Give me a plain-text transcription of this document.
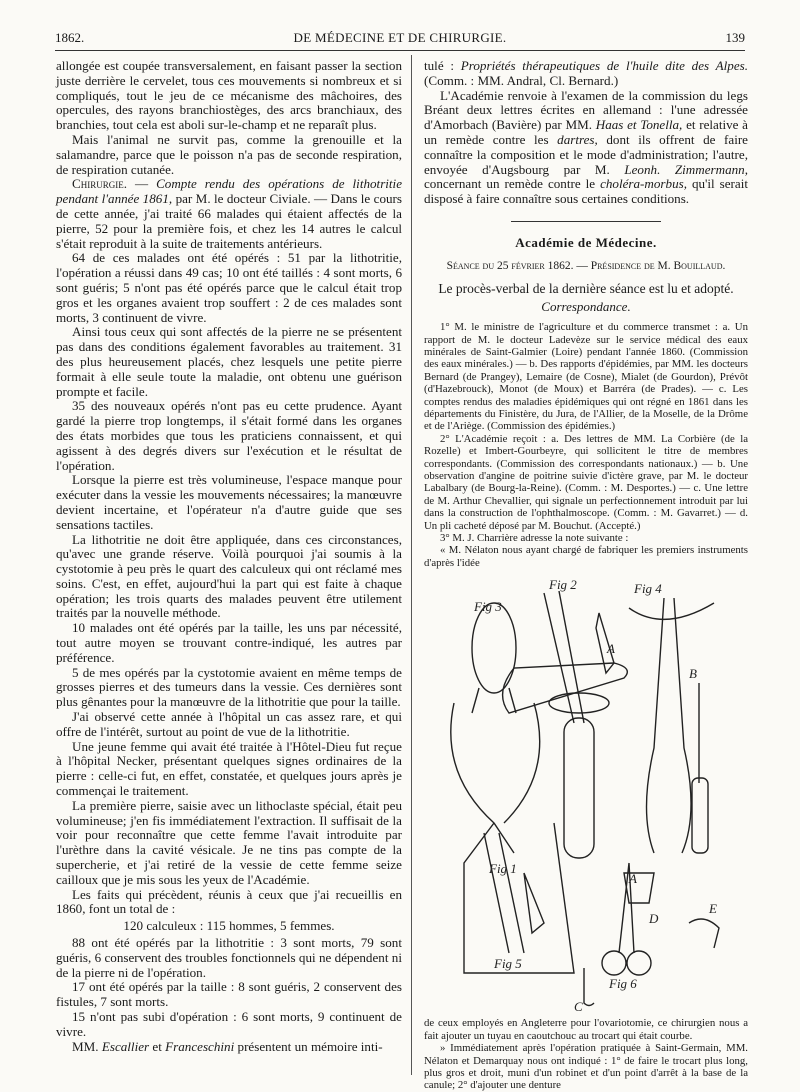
1862.	DE MÉDECINE ET DE CHIRURGIE.	139

allongée est coupée transversalement, en faisant passer la section juste derrière le cervelet, tous ces mouvements si nombreux et si compliqués, tout le jeu de ce mécanisme des mâchoires, des opercules, des rayons branchiostèges, des arcs branchiaux, des branchies, tout cela est aboli sur-le-champ et ne reparaît plus.

Mais l'animal ne survit pas, comme la grenouille et la salamandre, parce que le poisson n'a pas de seconde respiration, de respiration cutanée.

Chirurgie. — Compte rendu des opérations de lithotritie pendant l'année 1861, par M. le docteur Civiale. — Dans le cours de cette année, j'ai traité 66 malades qui étaient affectés de la pierre, 52 pour la première fois, et chez les 14 autres le calcul s'était reproduit à la suite de traitements antérieurs.

64 de ces malades ont été opérés : 51 par la lithotritie, l'opération a réussi dans 49 cas; 10 ont été taillés : 4 sont morts, 6 sont guéris; 5 n'ont pas été opérés parce que le calcul était trop gros et les organes avaient trop souffert : 2 de ces malades sont morts, 3 continuent de vivre.

Ainsi tous ceux qui sont affectés de la pierre ne se présentent pas dans des conditions également favorables au traitement. 31 des plus heureusement placés, chez lesquels une petite pierre formait à elle seule toute la maladie, ont obtenu une guérison prompte et facile.

35 des nouveaux opérés n'ont pas eu cette prudence. Ayant gardé la pierre trop longtemps, il s'était formé dans les organes des états morbides que tous les praticiens connaissent, et qui agissent à des degrés divers sur l'exécution et le résultat de l'opération.

Lorsque la pierre est très volumineuse, l'espace manque pour exécuter dans la vessie les mouvements nécessaires; la manœuvre devient incertaine, et l'opérateur n'a d'autre guide que ses sensations tactiles.

La lithotritie ne doit être appliquée, dans ces circonstances, qu'avec une grande réserve. Voilà pourquoi j'ai soumis à la cystotomie à peu près le quart des calculeux qui ont réclamé mes soins. C'est, en effet, aujourd'hui la part qui est faite à chaque opération; les trois quarts des malades peuvent être utilement traités par la nouvelle méthode.

10 malades ont été opérés par la taille, les uns par nécessité, tout autre moyen se trouvant contre-indiqué, les autres par préférence.

5 de mes opérés par la cystotomie avaient en même temps de grosses pierres et des tumeurs dans la vessie. Ces dernières sont plus gênantes pour la manœuvre de la lithotritie que pour la taille.

J'ai observé cette année à l'hôpital un cas assez rare, et qui offre de l'intérêt, surtout au point de vue de la lithotritie.

Une jeune femme qui avait été traitée à l'Hôtel-Dieu fut reçue à l'hôpital Necker, présentant quelques signes ordinaires de la pierre : celle-ci fut, en effet, constatée, et quelques jours après je commençai le traitement.

La première pierre, saisie avec un lithoclaste spécial, était peu volumineuse; j'en fis immédiatement l'extraction. Il suffisait de la voir pour reconnaître que cette femme l'avait introduite par l'urèthre dans la cavité vésicale. Je ne tins pas compte de la supercherie, et j'ai retiré de la vessie de cette femme seize cailloux que je mis sous les yeux de l'Académie.

Les faits qui précèdent, réunis à ceux que j'ai recueillis en 1860, font un total de :

120 calculeux : 115 hommes, 5 femmes.

88 ont été opérés par la lithotritie : 3 sont morts, 79 sont guéris, 6 conservent des troubles fonctionnels qui ne dépendent ni de la pierre ni de l'opération.

17 ont été opérés par la taille : 8 sont guéris, 2 conservent des fistules, 7 sont morts.

15 n'ont pas subi d'opération : 6 sont morts, 9 continuent de vivre.

MM. Escallier et Franceschini présentent un mémoire inti-

tulé : Propriétés thérapeutiques de l'huile dite des Alpes. (Comm. : MM. Andral, Cl. Bernard.)

L'Académie renvoie à l'examen de la commission du legs Bréant deux lettres écrites en allemand : l'une adressée d'Amorbach (Bavière) par MM. Haas et Tonella, et relative à un remède contre les dartres, dont ils offrent de faire connaître la composition et le mode d'administration; l'autre, envoyée d'Augsbourg par M. Leonh. Zimmermann, concernant un remède contre le choléra-morbus, qu'il serait disposé à faire connaître sous certaines conditions.

Académie de Médecine.
Séance du 25 février 1862. — Présidence de M. Bouillaud.
Le procès-verbal de la dernière séance est lu et adopté.
Correspondance.

1° M. le ministre de l'agriculture et du commerce transmet : a. Un rapport de M. le docteur Ladevèze sur le service médical des eaux minérales de Saint-Galmier (Loire) pendant l'année 1860. (Commission des eaux minérales.) — b. Des rapports d'épidémies, par MM. les docteurs Bernard (de Prangey), Lemaire (de Cosne), Mialet (de Gourdon), Prévôt (d'Hazebrouck), Monot (de Moux) et Barréra (de Prades). — c. Les comptes rendus des maladies épidémiques qui ont régné en 1861 dans les départements du Finistère, du Jura, de l'Allier, de la Moselle, de la Drôme et de l'Ariège. (Commission des épidémies.)

2° L'Académie reçoit : a. Des lettres de MM. La Corbière (de la Rozelle) et Imbert-Gourbeyre, qui sollicitent le titre de membres correspondants. (Commission des correspondants nationaux.) — b. Une observation d'angine de poitrine suivie d'ictère grave, par M. le docteur Labalbary (de Bourg-la-Reine). (Comm. : M. Desportes.) — c. Une lettre de M. Arthur Chevallier, qui signale un perfectionnement introduit par lui dans la construction de l'ophthalmoscope. (Comm. : M. Gavarret.) — d. Un pli cacheté déposé par M. Bouchut. (Accepté.)

3° M. J. Charrière adresse la note suivante :

« M. Nélaton nous ayant chargé de fabriquer les premiers instruments d'après l'idée

Fig 2	Fig 4
Fig 3
Fig 1
Fig 5
Fig 6
A
B
A
C
D
E

de ceux employés en Angleterre pour l'ovariotomie, ce chirurgien nous a fait ajouter un tuyau en caoutchouc au trocart qui était courbe.

» Immédiatement après l'opération pratiquée à Saint-Germain, MM. Nélaton et Demarquay nous ont indiqué : 1° de faire le trocart plus long, plus gros et droit, muni d'un robinet et d'un point d'arrêt à la base de la canule; 2° d'ajouter une denture
